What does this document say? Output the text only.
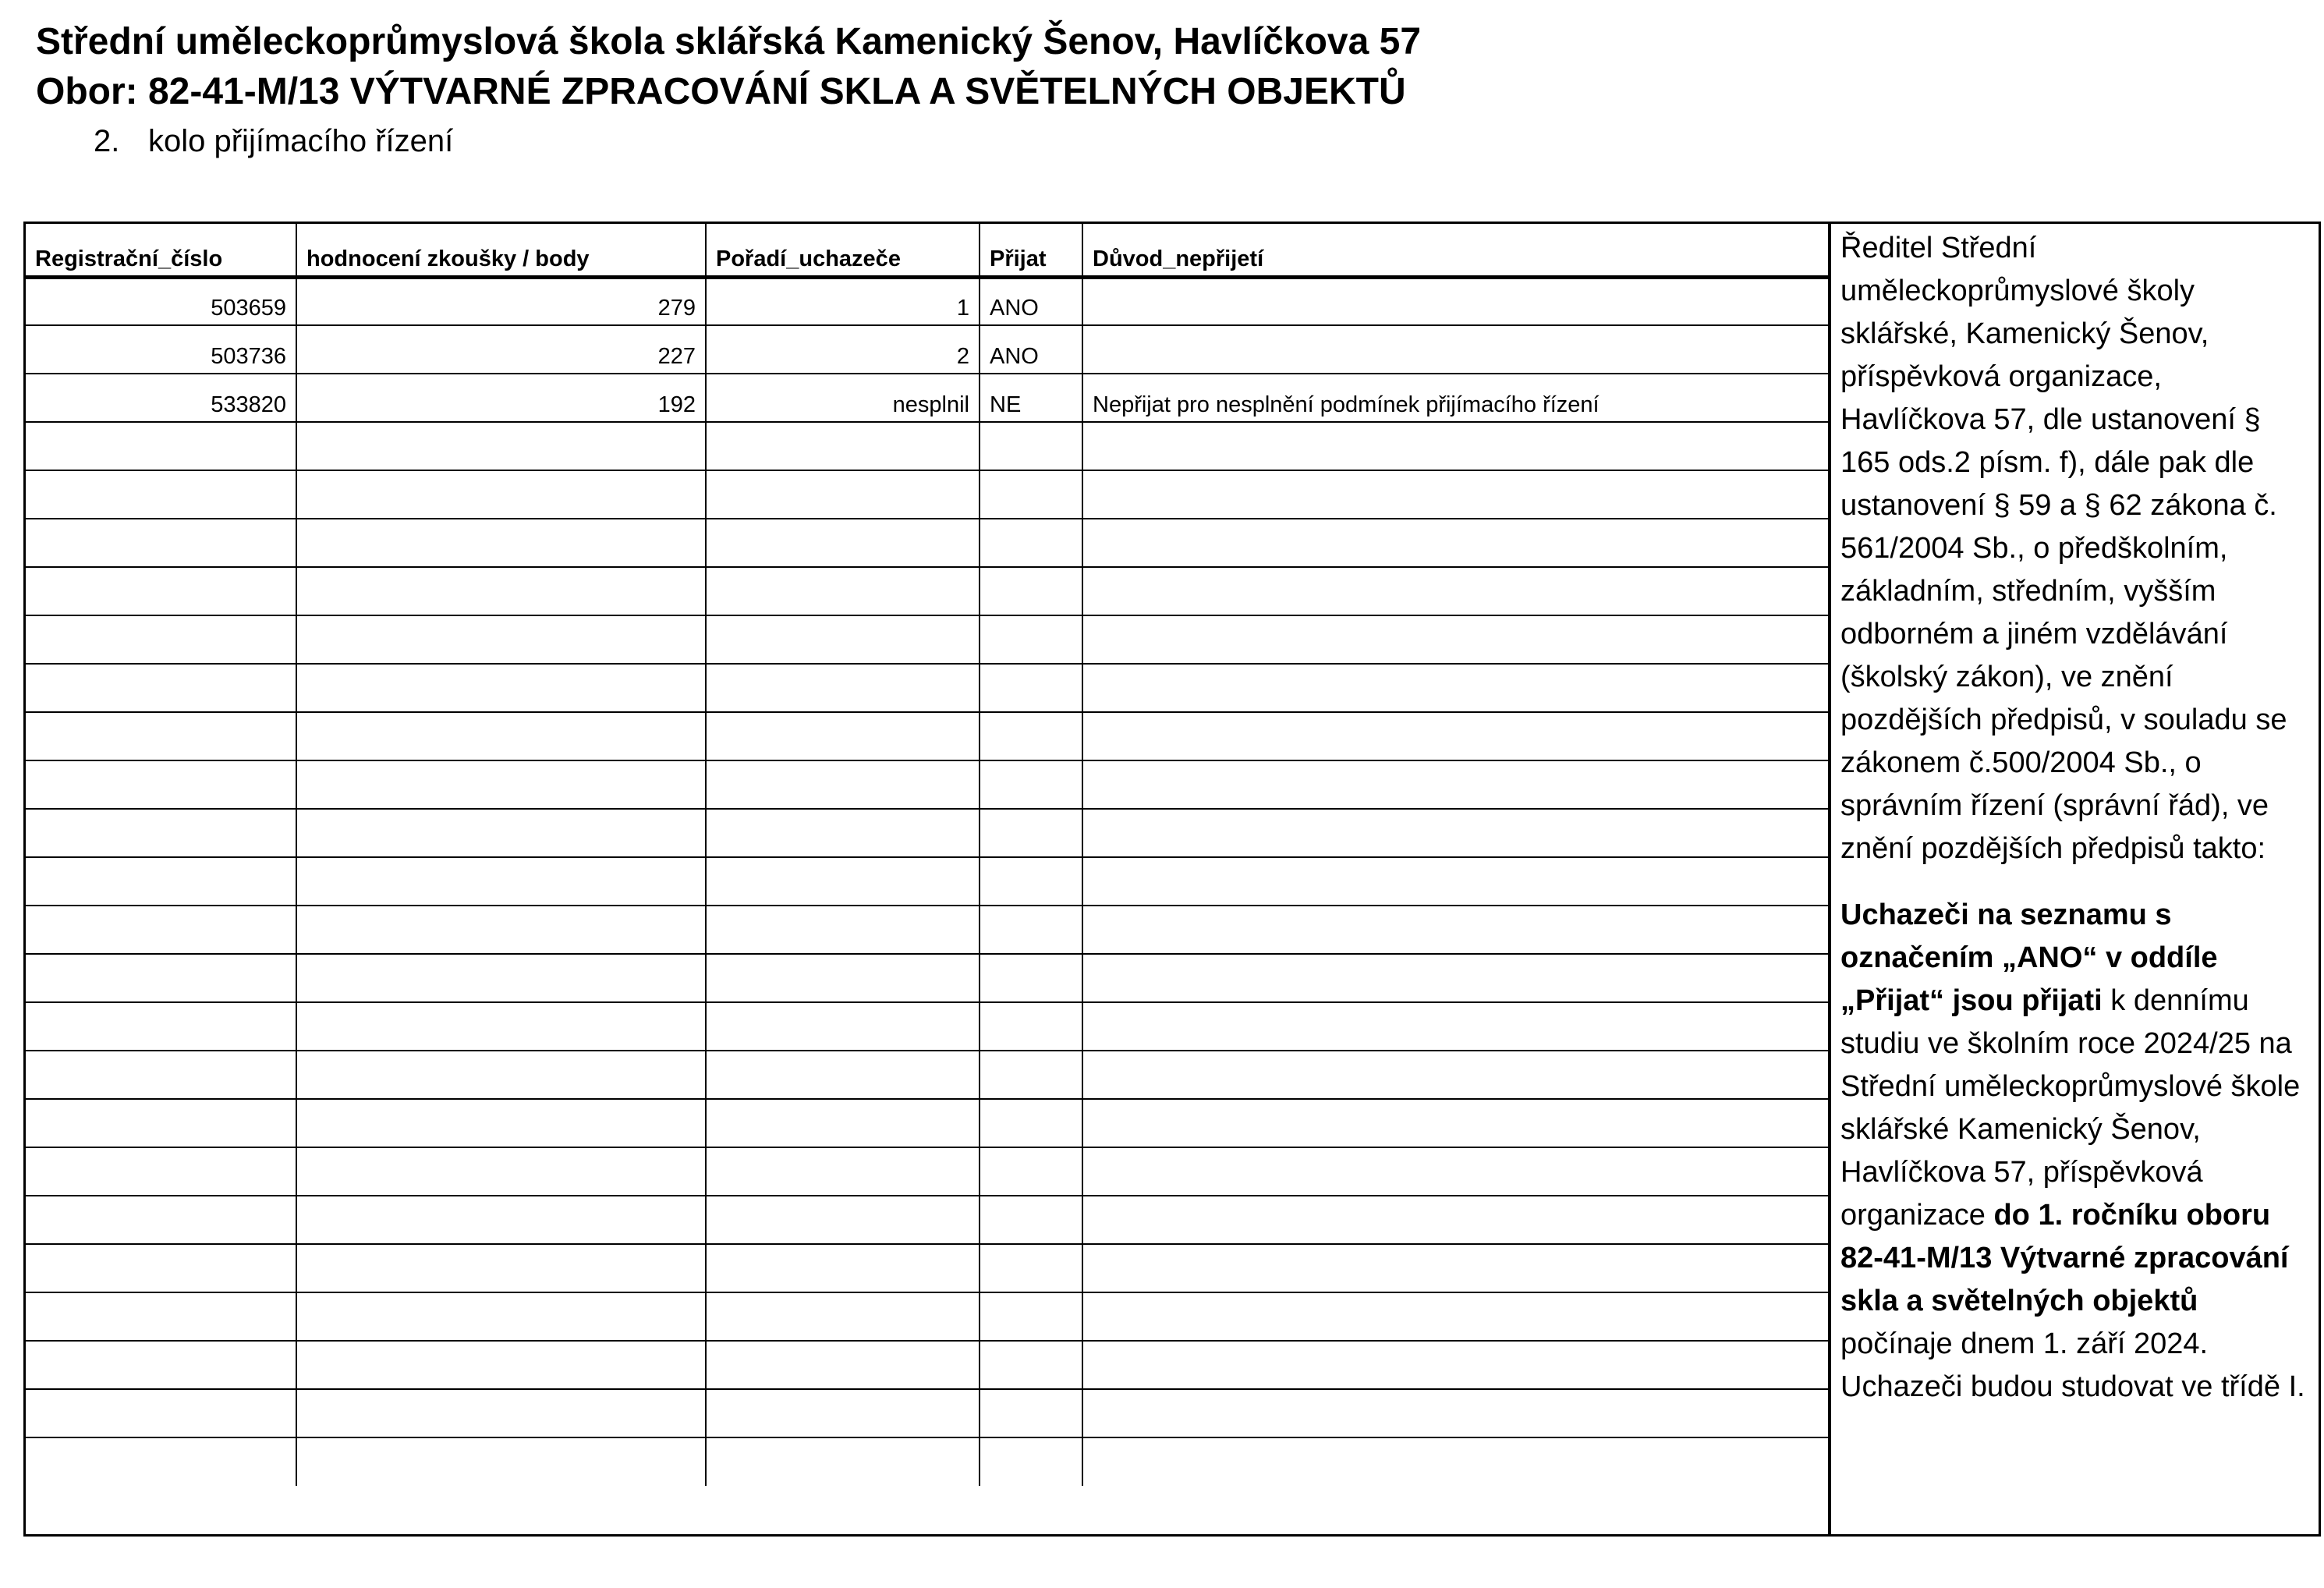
Střední uměleckoprůmyslová škola sklářská Kamenický Šenov, Havlíčkova 57
Obor: 82-41-M/13 VÝTVARNÉ ZPRACOVÁNÍ SKLA A SVĚTELNÝCH OBJEKTŮ
2. kolo přijímacího řízení
Registrační_číslo	hodnocení zkoušky / body	Pořadí_uchazeče	Přijat	Důvod_nepřijetí
503659	279	1	ANO	
503736	227	2	ANO	
533820	192	nesplnil	NE	Nepřijat pro nesplnění podmínek přijímacího řízení

Ředitel Střední uměleckoprůmyslové školy sklářské, Kamenický Šenov, příspěvková organizace, Havlíčkova 57, dle ustanovení § 165 ods.2 písm. f), dále pak dle ustanovení § 59 a § 62 zákona č. 561/2004 Sb., o předškolním, základním, středním, vyšším odborném a jiném vzdělávání (školský zákon), ve znění pozdějších předpisů, v souladu se zákonem č.500/2004 Sb., o správním řízení (správní řád), ve znění pozdějších předpisů takto:

Uchazeči na seznamu s označením „ANO“ v oddíle „Přijat“ jsou přijati k dennímu studiu ve školním roce 2024/25 na Střední uměleckoprůmyslové škole sklářské Kamenický Šenov, Havlíčkova 57, příspěvková organizace do 1. ročníku oboru 82-41-M/13 Výtvarné zpracování skla a světelných objektů počínaje dnem 1. září 2024. Uchazeči budou studovat ve třídě I.
